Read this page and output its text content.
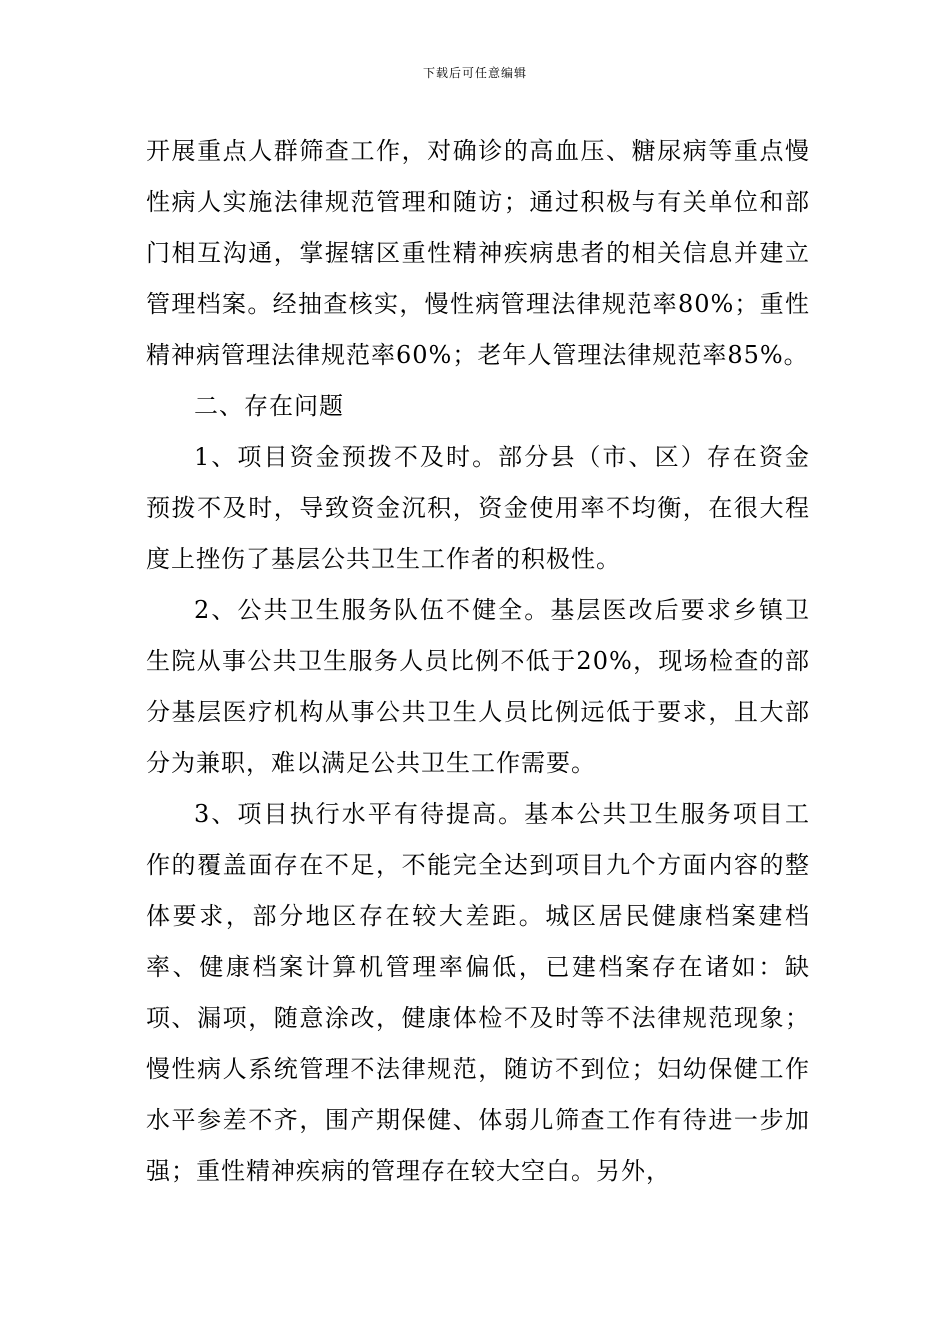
下载后可任意编辑

开展重点人群筛查工作，对确诊的高血压、糖尿病等重点慢性病人实施法律规范管理和随访；通过积极与有关单位和部门相互沟通，掌握辖区重性精神疾病患者的相关信息并建立管理档案。经抽查核实，慢性病管理法律规范率80%；重性精神病管理法律规范率60%；老年人管理法律规范率85%。

二、存在问题

1、项目资金预拨不及时。部分县（市、区）存在资金预拨不及时，导致资金沉积，资金使用率不均衡，在很大程度上挫伤了基层公共卫生工作者的积极性。

2、公共卫生服务队伍不健全。基层医改后要求乡镇卫生院从事公共卫生服务人员比例不低于20%，现场检查的部分基层医疗机构从事公共卫生人员比例远低于要求，且大部分为兼职，难以满足公共卫生工作需要。

3、项目执行水平有待提高。基本公共卫生服务项目工作的覆盖面存在不足，不能完全达到项目九个方面内容的整体要求，部分地区存在较大差距。城区居民健康档案建档率、健康档案计算机管理率偏低，已建档案存在诸如：缺项、漏项，随意涂改，健康体检不及时等不法律规范现象；慢性病人系统管理不法律规范，随访不到位；妇幼保健工作水平参差不齐，围产期保健、体弱儿筛查工作有待进一步加强；重性精神疾病的管理存在较大空白。另外，
